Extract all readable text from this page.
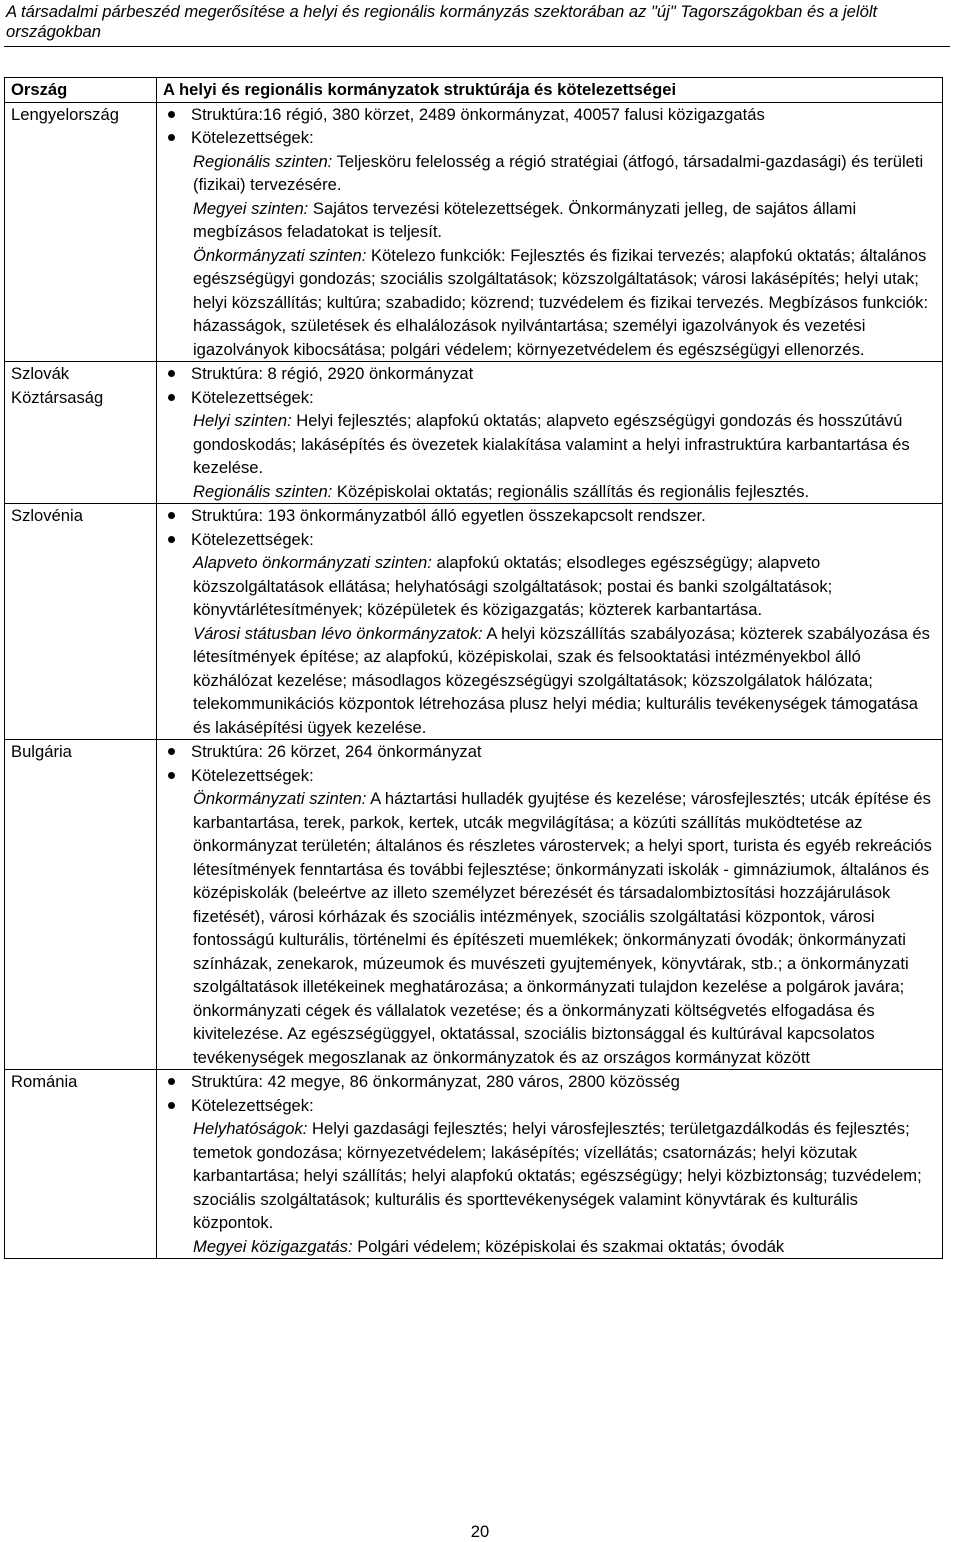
A társadalmi párbeszéd megerősítése a helyi és regionális kormányzás szektorában az "új" Tagországokban és a jelölt országokban
Ország	A helyi és regionális kormányzatok struktúrája és kötelezettségei
Lengyelország	Struktúra:16 régió, 380 körzet, 2489 önkormányzat, 40057 falusi közigazgatás

Kötelezettségek:

Regionális szinten: Teljesköru felelosség a régió stratégiai (átfogó, társadalmi-gazdasági) és területi (fizikai) tervezésére.

Megyei szinten: Sajátos tervezési kötelezettségek. Önkormányzati jelleg, de sajátos állami megbízásos feladatokat is teljesít.

Önkormányzati szinten: Kötelezo funkciók: Fejlesztés és fizikai tervezés; alapfokú oktatás; általános egészségügyi gondozás; szociális szolgáltatások; közszolgáltatások; városi lakásépítés; helyi utak; helyi közszállítás; kultúra; szabadido; közrend; tuzvédelem és fizikai tervezés. Megbízásos funkciók: házasságok, születések és elhalálozások nyilvántartása; személyi igazolványok és vezetési igazolványok kibocsátása; polgári védelem; környezetvédelem és egészségügyi ellenorzés.

Szlovák Köztársaság	Struktúra: 8 régió, 2920 önkormányzat

Kötelezettségek:

Helyi szinten: Helyi fejlesztés; alapfokú oktatás; alapveto egészségügyi gondozás és hosszútávú gondoskodás; lakásépítés és övezetek kialakítása valamint a helyi infrastruktúra karbantartása és kezelése.

Regionális szinten: Középiskolai oktatás; regionális szállítás és regionális fejlesztés.

Szlovénia	Struktúra: 193 önkormányzatból álló egyetlen összekapcsolt rendszer.

Kötelezettségek:

Alapveto önkormányzati szinten: alapfokú oktatás; elsodleges egészségügy; alapveto közszolgáltatások ellátása; helyhatósági szolgáltatások; postai és banki szolgáltatások; könyvtárlétesítmények; középületek és közigazgatás; közterek karbantartása.

Városi státusban lévo önkormányzatok: A helyi közszállítás szabályozása; közterek szabályozása és létesítmények építése; az alapfokú, középiskolai, szak és felsooktatási intézményekbol álló közhálózat kezelése; másodlagos közegészségügyi szolgáltatások; közszolgálatok hálózata; telekommunikációs központok létrehozása plusz helyi média; kulturális tevékenységek támogatása és lakásépítési ügyek kezelése.

Bulgária	Struktúra: 26 körzet, 264 önkormányzat

Kötelezettségek:

Önkormányzati szinten: A háztartási hulladék gyujtése és kezelése; városfejlesztés; utcák építése és karbantartása, terek, parkok, kertek, utcák megvilágítása; a közúti szállítás muködtetése az önkormányzat területén; általános és részletes várostervek; a helyi sport, turista és egyéb rekreációs létesítmények fenntartása és további fejlesztése; önkormányzati iskolák - gimnáziumok, általános és középiskolák (beleértve az illeto személyzet bérezését és társadalombiztosítási hozzájárulások fizetését), városi kórházak és szociális intézmények, szociális szolgáltatási központok, városi fontosságú kulturális, történelmi és építészeti muemlékek; önkormányzati óvodák; önkormányzati színházak, zenekarok, múzeumok és muvészeti gyujtemények, könyvtárak, stb.; a önkormányzati szolgáltatások illetékeinek meghatározása; a önkormányzati tulajdon kezelése a polgárok javára; önkormányzati cégek és vállalatok vezetése; és a önkormányzati költségvetés elfogadása és kivitelezése. Az egészségüggyel, oktatással, szociális biztonsággal és kultúrával kapcsolatos tevékenységek megoszlanak az önkormányzatok és az országos kormányzat között

Románia	Struktúra: 42 megye, 86 önkormányzat, 280 város, 2800 közösség

Kötelezettségek:

Helyhatóságok: Helyi gazdasági fejlesztés; helyi városfejlesztés; területgazdálkodás és fejlesztés; temetok gondozása; környezetvédelem; lakásépítés; vízellátás; csatornázás; helyi közutak karbantartása; helyi szállítás; helyi alapfokú oktatás; egészségügy; helyi közbiztonság; tuzvédelem; szociális szolgáltatások; kulturális és sporttevékenységek valamint könyvtárak és kulturális központok.

Megyei közigazgatás: Polgári védelem; középiskolai és szakmai oktatás; óvodák

20
